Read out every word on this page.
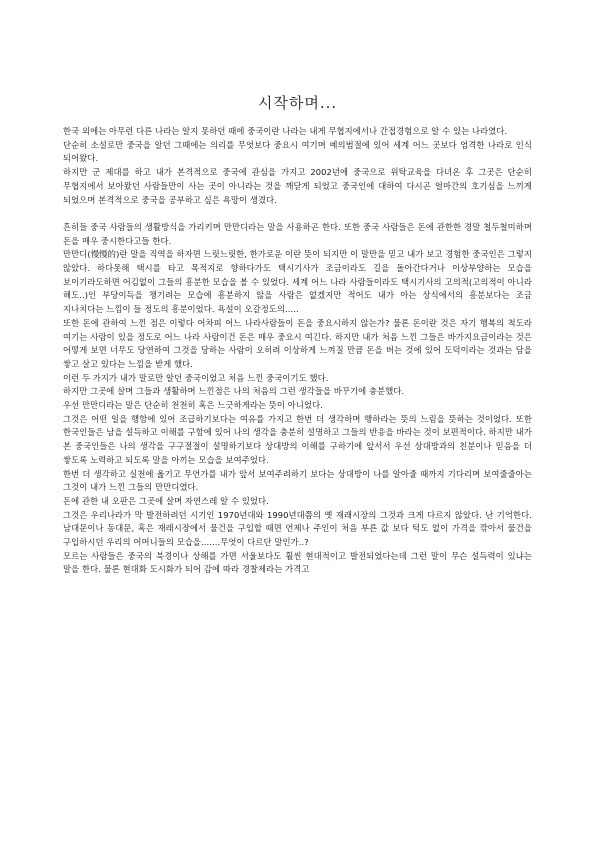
시작하며...

한국 외에는 아무런 다른 나라는 알지 못하던 때에 중국이란 나라는 내게 무협지에서나 간접경험으로 알 수 있는 나라였다.

단순히 소설로만 중국을 알던 그때에는 의리를 무엇보다 중요시 여기며 예의범절에 있어 세계 어느 곳보다 엄격한 나라로 인식 되어왔다.

하지만 군 제대를 하고 내가 본격적으로 중국에 관심을 가지고 2002년에 중국으로 위탁교육을 다녀온 후 그곳은 단순히 무협지에서 보아왔던 사람들만이 사는 곳이 아니라는 것을 깨닫게 되었고 중국인에 대하여 다시곤 얼마간의 호기심을 느끼게 되었으며 본격적으로 중국을 공부하고 싶은 욕망이 생겼다.

흔히들 중국 사람들의 생활방식을 가리키며 만만디라는 말을 사용하곤 한다. 또한 중국 사람들은 돈에 관한한 경말 철두철미하며 돈을 매우 중시한다고들 한다.

만만디(慢慢的)란 말을 직역을 하자면 느릿느릿한, 한가로운 이란 뜻이 되지만 이 말만을 믿고 내가 보고 경험한 중국인은 그렇지 않았다. 하다못해 택시를 타고 목적지로 향하다가도 택시기사가 조금이라도 길을 돌아간다거나 이상부양하는 모습을 보이기라도하면 어김없이 그들의 흥분한 모습을 볼 수 있었다. 세계 어느 나라 사람들이라도 택시기사의 고의적(고의적이 아니라 해도..)인 부당이득을 챙기려는 모습에 흥분하지 않을 사람은 없겠지만 적어도 내가 아는 상식에서의 흥분보다는 조금 지나치다는 느낌이 들 정도의 흥분이었다. 욕설이 오갈정도의.....

또한 돈에 관하여 느낀 점은 이렇다 어차피 어느 나라사람들이 돈을 중요시하지 않는가? 물론 돈이란 것은 자기 행복의 척도라 여기는 사람이 있을 정도로 어느 나라 사람이건 돈은 매우 중요시 여긴다. 하지만 내가 처음 느낀 그들은 바가지요금이라는 것은 어떻게 보면 너무도 당연하여 그것을 당하는 사람이 오히려 이상하게 느껴질 만큼 돈을 버는 것에 있어 도덕이라는 것과는 담을 쌓고 살고 있다는 느낌을 받게 했다.

이런 두 가지가 내가 말로만 알던 중국이었고 처음 느낀 중국이기도 했다.

하지만 그곳에 살며 그들과 생활하며 느낀점은 나의 처음의 그런 생각들을 바꾸기에 충분했다.

우선 만만디라는 말은 단순히 천천히 혹은 느긋하게라는 뜻이 아니었다.

그것은 어떤 일을 행함에 있어 조급하기보다는 여유를 가지고 한번 더 생각하며 행하라는 뜻의 느림을 뜻하는 것이었다. 또한 한국인들은 남을 설득하고 이해를 구함에 있어 나의 생각을 충분히 설명하고 그들의 반응을 바라는 것이 보편적이다. 하지만 내가 본 중국인들은 나의 생각을 구구절절이 설명하기보다 상대방의 이해를 구하기에 앞서서 우선 상대방과의 친분이나 믿음을 더 쌓도록 노력하고 되도록 말을 아끼는 모습을 보여주었다.

한번 더 생각하고 실천에 옮기고 무언가를 내가 앞서 보여주려하기 보다는 상대방이 나를 알아줄 때까지 기다리며 보여줄줄아는 그것이 내가 느낀 그들의 만만디였다.

돈에 관한 내 오판은 그곳에 살며 자연스레 알 수 있었다.

그것은 우리나라가 막 발전하려던 시기인 1970년대와 1990년대쯤의 옛 재래시장의 그것과 크게 다르지 않았다. 난 기억한다. 남대문이나 동대문, 혹은 재래시장에서 물건을 구입할 때면 언제나 주인이 처음 부른 값 보다 턱도 없이 가격을 깎아서 물건을 구입하시던 우리의 어머니들의 모습을.......무엇이 다르단 말인가..?

모르는 사람들은 중국의 북경이나 상해를 가면 서울보다도 훨씬 현대적이고 발전되었다는데 그런 말이 무슨 설득력이 있냐는 말을 한다. 물론 현대화 도시화가 되어 감에 따라 경찰제라는 가격고
